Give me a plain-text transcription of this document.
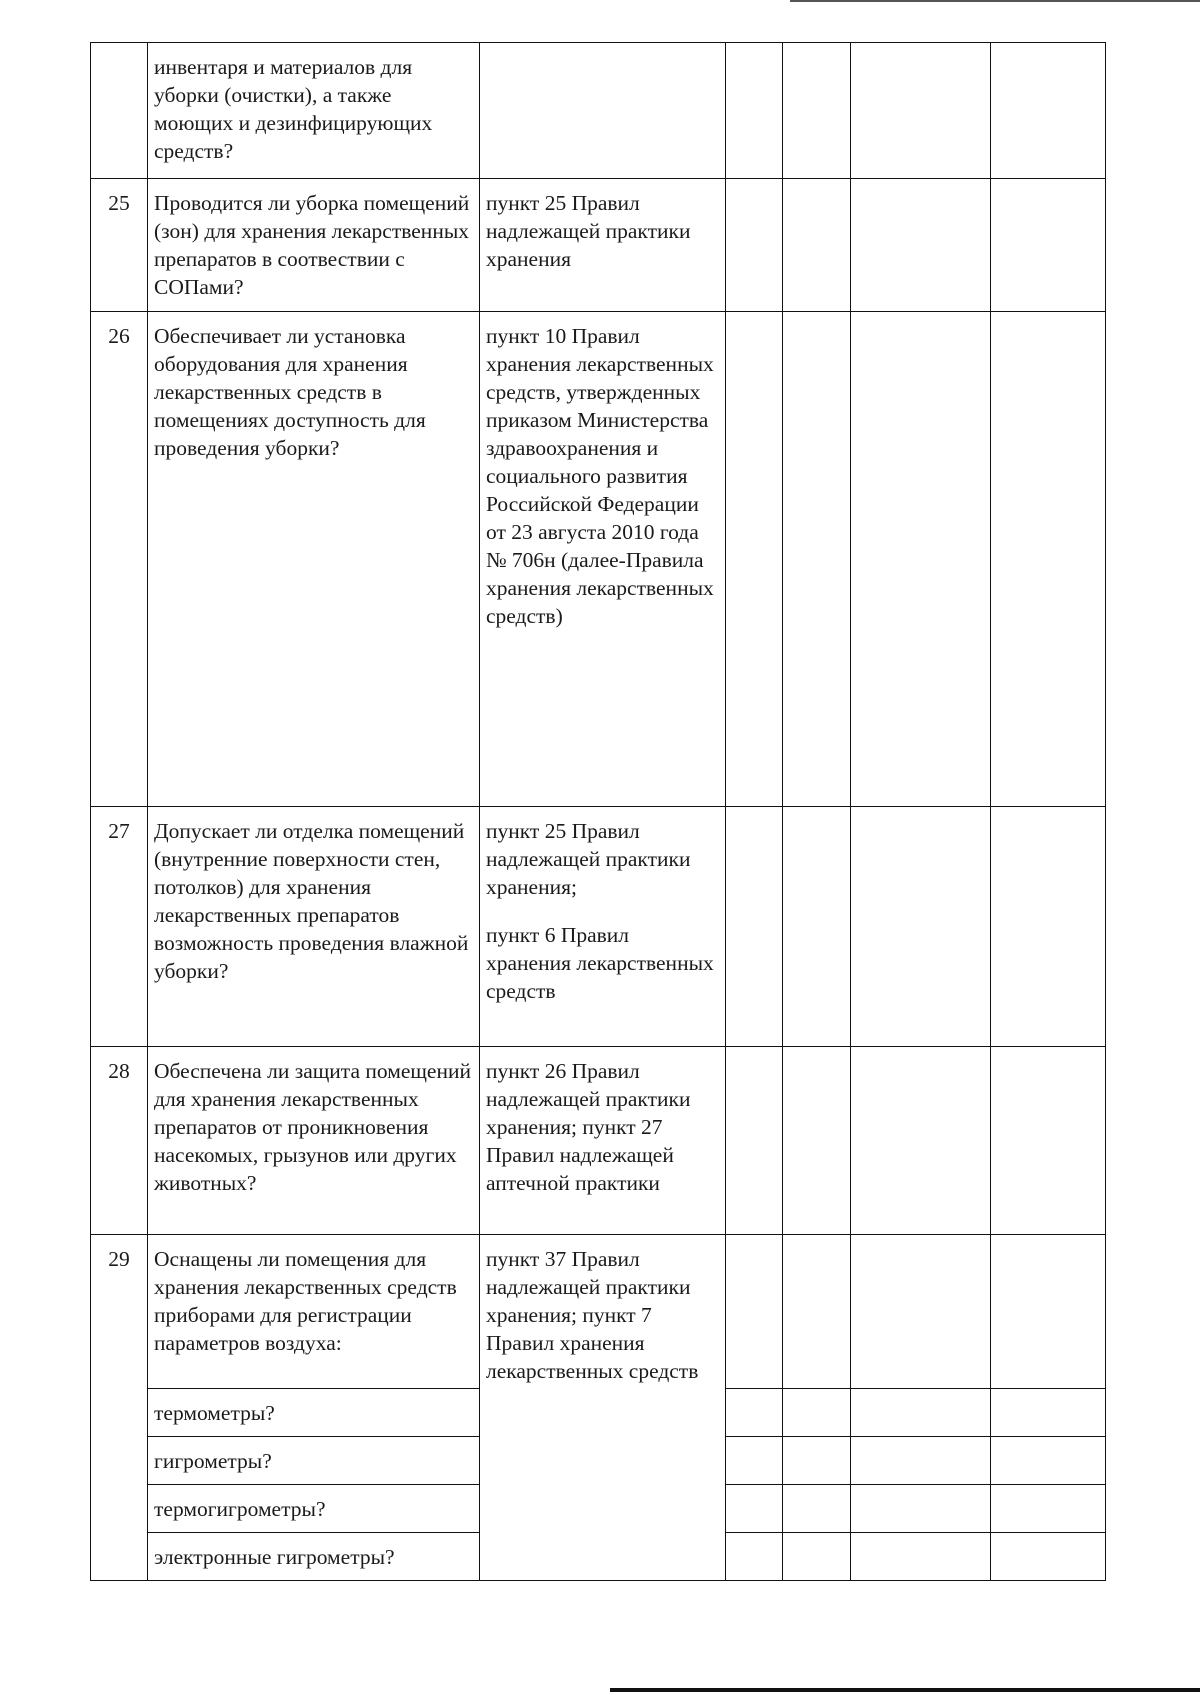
	инвентаря и материалов для уборки (очистки), а также моющих и дезинфицирующих средств?					
25	Проводится ли уборка помещений (зон) для хранения лекарственных препаратов в соотвествии с СОПами?	пункт 25 Правил надлежащей практики хранения				
26	Обеспечивает ли установка оборудования для хранения лекарственных средств в помещениях доступность для проведения уборки?	пункт 10 Правил хранения лекарственных средств, утвержденных приказом Министерства здравоохранения и социального развития Российской Федерации от 23 августа 2010 года № 706н (далее-Правила хранения лекарственных средств)				
27	Допускает ли отделка помещений (внутренние поверхности стен, потолков) для хранения лекарственных препаратов возможность проведения влажной уборки?	пункт 25 Правил надлежащей практики хранения;
пункт 6 Правил хранения лекарственных средств				

28	Обеспечена ли защита помещений для хранения лекарственных препаратов от проникновения насекомых, грызунов или других животных?	пункт 26 Правил надлежащей практики хранения; пункт 27 Правил надлежащей аптечной практики				
29	Оснащены ли помещения для хранения лекарственных средств приборами для регистрации параметров воздуха:	пункт 37 Правил надлежащей практики хранения; пункт 7 Правил хранения лекарственных средств				
	термометры?					
	гигрометры?					
	термогигрометры?					
	электронные гигрометры?					
